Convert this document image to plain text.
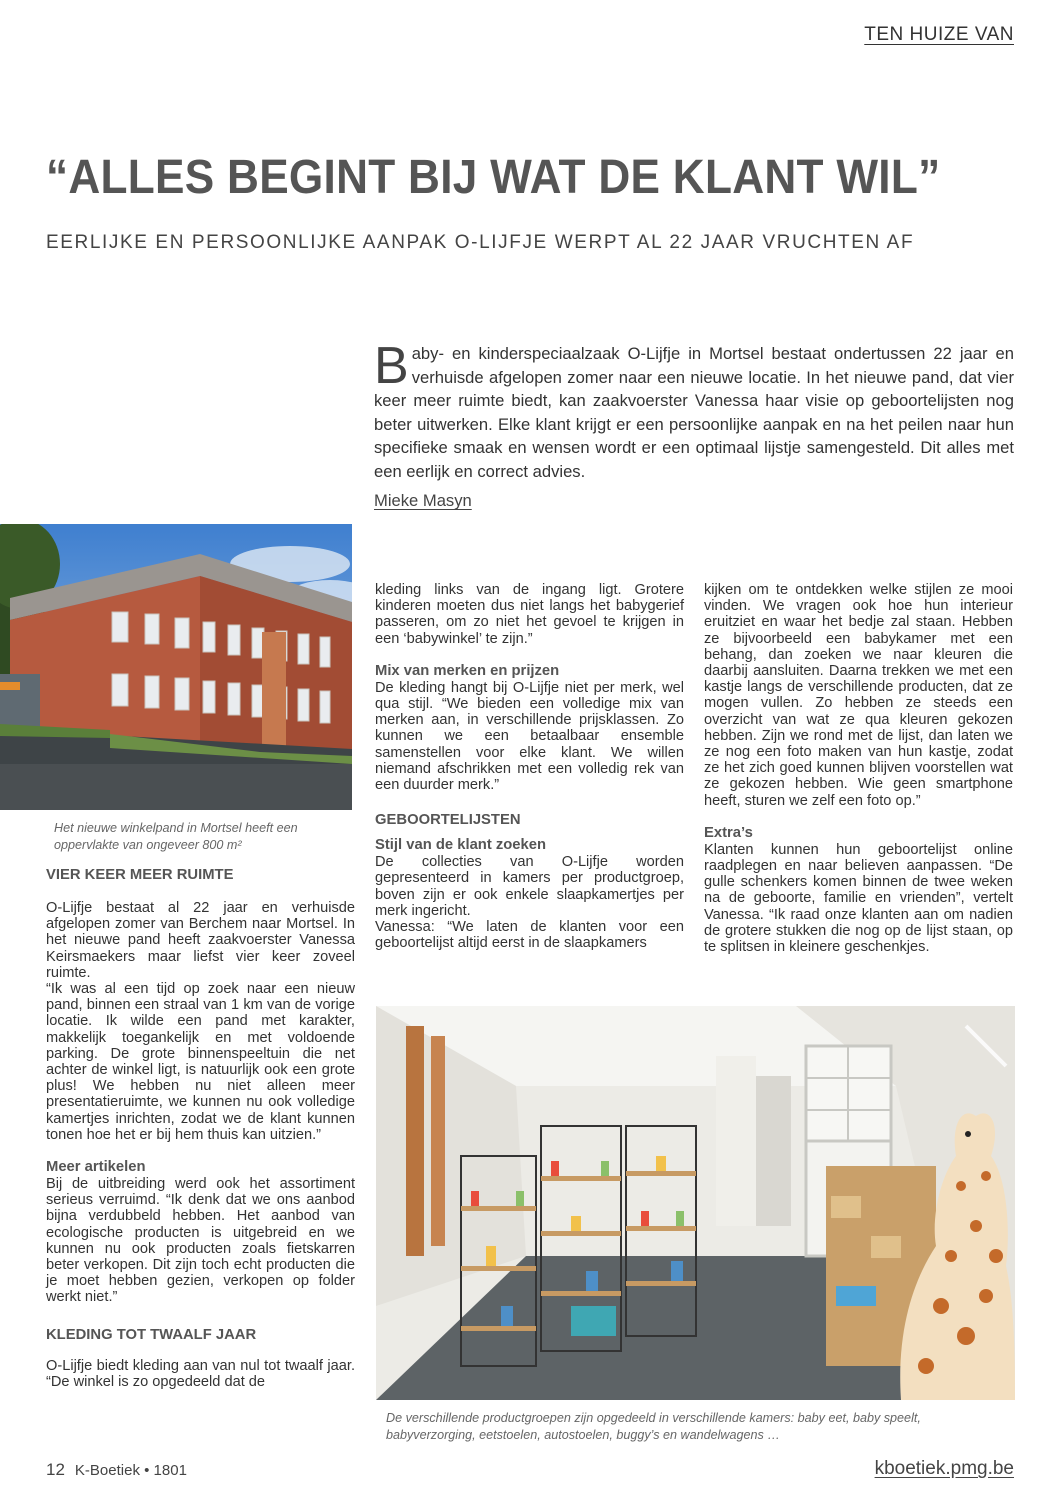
TEN HUIZE VAN
“ALLES BEGINT BIJ WAT DE KLANT WIL”
EERLIJKE EN PERSOONLIJKE AANPAK O-LIJFJE WERPT AL 22 JAAR VRUCHTEN AF
Baby- en kinderspeciaalzaak O-Lijfje in Mortsel bestaat ondertussen 22 jaar en verhuisde afgelopen zomer naar een nieuwe locatie. In het nieuwe pand, dat vier keer meer ruimte biedt, kan zaakvoerster Vanessa haar visie op geboortelijsten nog beter uitwerken. Elke klant krijgt er een persoonlijke aanpak en na het peilen naar hun specifieke smaak en wensen wordt er een optimaal lijstje samengesteld. Dit alles met een eerlijk en correct advies.
Mieke Masyn
Het nieuwe winkelpand in Mortsel heeft een oppervlakte van ongeveer 800 m²
VIER KEER MEER RUIMTE

O-Lijfje bestaat al 22 jaar en verhuisde afgelopen zomer van Berchem naar Mortsel. In het nieuwe pand heeft zaakvoerster Vanessa Keirsmaekers maar liefst vier keer zoveel ruimte.

“Ik was al een tijd op zoek naar een nieuw pand, binnen een straal van 1 km van de vorige locatie. Ik wilde een pand met karakter, makkelijk toegankelijk en met voldoende parking. De grote binnenspeeltuin die net achter de winkel ligt, is natuurlijk ook een grote plus! We hebben nu niet alleen meer presentatieruimte, we kunnen nu ook volledige kamertjes inrichten, zodat we de klant kunnen tonen hoe het er bij hem thuis kan uitzien.”

Meer artikelen

Bij de uitbreiding werd ook het assortiment serieus verruimd. “Ik denk dat we ons aanbod bijna verdubbeld hebben. Het aanbod van ecologische producten is uitgebreid en we kunnen nu ook producten zoals fietskarren beter verkopen. Dit zijn toch echt producten die je moet hebben gezien, verkopen op folder werkt niet.”

KLEDING TOT TWAALF JAAR

O-Lijfje biedt kleding aan van nul tot twaalf jaar. “De winkel is zo opgedeeld dat de

kleding links van de ingang ligt. Grotere kinderen moeten dus niet langs het babygerief passeren, om zo niet het gevoel te krijgen in een ‘babywinkel’ te zijn.”

Mix van merken en prijzen

De kleding hangt bij O-Lijfje niet per merk, wel qua stijl. “We bieden een volledige mix van merken aan, in verschillende prijsklassen. Zo kunnen we een betaalbaar ensemble samenstellen voor elke klant. We willen niemand afschrikken met een volledig rek van een duurder merk.”

GEBOORTELIJSTEN
Stijl van de klant zoeken

De collecties van O-Lijfje worden gepresenteerd in kamers per productgroep, boven zijn er ook enkele slaapkamertjes per merk ingericht.

Vanessa: “We laten de klanten voor een geboortelijst altijd eerst in de slaapkamers

kijken om te ontdekken welke stijlen ze mooi vinden. We vragen ook hoe hun interieur eruitziet en waar het bedje zal staan. Hebben ze bijvoorbeeld een babykamer met een behang, dan zoeken we naar kleuren die daarbij aansluiten. Daarna trekken we met een kastje langs de verschillende producten, dat ze mogen vullen. Zo hebben ze steeds een overzicht van wat ze qua kleuren gekozen hebben. Zijn we rond met de lijst, dan laten we ze nog een foto maken van hun kastje, zodat ze het zich goed kunnen blijven voorstellen wat ze gekozen hebben. Wie geen smartphone heeft, sturen we zelf een foto op.”

Extra’s

Klanten kunnen hun geboortelijst online raadplegen en naar believen aanpassen. “De gulle schenkers komen binnen de twee weken na de geboorte, familie en vrienden”, vertelt Vanessa. “Ik raad onze klanten aan om nadien de grotere stukken die nog op de lijst staan, op te splitsen in kleinere geschenkjes.

De verschillende productgroepen zijn opgedeeld in verschillende kamers: baby eet, baby speelt, babyverzorging, eetstoelen, autostoelen, buggy’s en wandelwagens …
12 K-Boetiek • 1801	kboetiek.pmg.be
